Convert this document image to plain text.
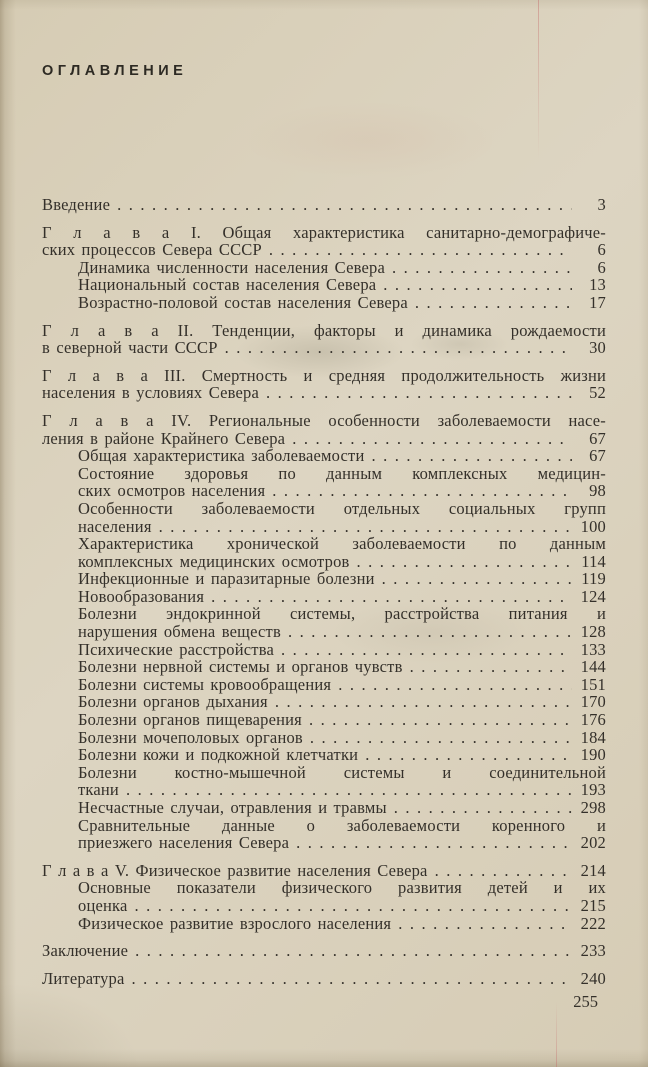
ОГЛАВЛЕНИЕ
Введение .....	3
Г л а в а I. Общая характеристика санитарно-демографиче-
ских процессов Севера СССР .....	6
Динамика численности населения Севера .....	6
Национальный состав населения Севера .....	13
Возрастно-половой состав населения Севера .....	17
Г л а в а II. Тенденции, факторы и динамика рождаемости
в северной части СССР .....	30
Г л а в а III. Смертность и средняя продолжительность жизни
населения в условиях Севера .....	52
Г л а в а IV. Региональные особенности заболеваемости насе-
ления в районе Крайнего Севера .....	67
Общая характеристика заболеваемости .....	67
Состояние здоровья по данным комплексных медицин-
ских осмотров населения .....	98
Особенности заболеваемости отдельных социальных групп
населения .....	100
Характеристика хронической заболеваемости по данным
комплексных медицинских осмотров .....	114
Инфекционные и паразитарные болезни .....	119
Новообразования .....	124
Болезни эндокринной системы, расстройства питания и
нарушения обмена веществ .....	128
Психические расстройства .....	133
Болезни нервной системы и органов чувств .....	144
Болезни системы кровообращения .....	151
Болезни органов дыхания .....	170
Болезни органов пищеварения .....	176
Болезни мочеполовых органов .....	184
Болезни кожи и подкожной клетчатки .....	190
Болезни костно-мышечной системы и соединительной
ткани .....	193
Несчастные случаи, отравления и травмы .....	298
Сравнительные данные о заболеваемости коренного и
приезжего населения Севера .....	202
Г л а в а V. Физическое развитие населения Севера .....	214
Основные показатели физического развития детей и их
оценка .....	215
Физическое развитие взрослого населения .....	222
Заключение .....	233
Литература .....	240
255
